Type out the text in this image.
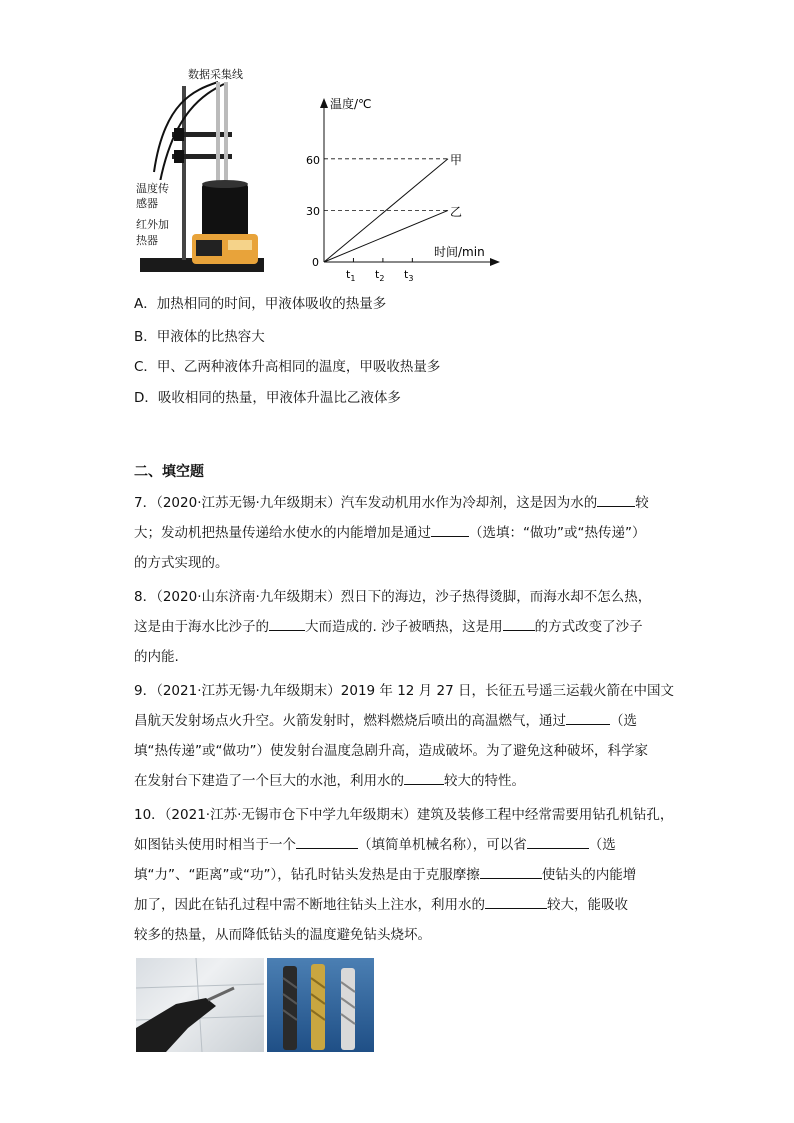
数据采集线
温度传
感器
红外加
热器
温度/℃
时间/min
0
60
30
$t_1$ $t_2$ $t_3$
甲
乙
A．加热相同的时间，甲液体吸收的热量多
B．甲液体的比热容大
C．甲、乙两种液体升高相同的温度，甲吸收热量多
D．吸收相同的热量，甲液体升温比乙液体多
二、填空题
7．（2020·江苏无锡·九年级期末）汽车发动机用水作为冷却剂，这是因为水的	较
大；发动机把热量传递给水使水的内能增加是通过	（选填：“做功”或“热传递”）
的方式实现的。
8．（2020·山东济南·九年级期末）烈日下的海边，沙子热得烫脚，而海水却不怎么热，
这是由于海水比沙子的	大而造成的. 沙子被晒热，这是用 的方式改变了沙子
的内能.
9．（2021·江苏无锡·九年级期末）2019 年 12 月 27 日，长征五号遥三运载火箭在中国文
昌航天发射场点火升空。火箭发射时，燃料燃烧后喷出的高温燃气，通过	（选
填“热传递”或“做功”）使发射台温度急剧升高，造成破坏。为了避免这种破坏，科学家
在发射台下建造了一个巨大的水池，利用水的	较大的特性。
10．（2021·江苏·无锡市仓下中学九年级期末）建筑及装修工程中经常需要用钻孔机钻孔，
如图钻头使用时相当于一个	（填简单机械名称），可以省	（选
填“力”、“距离”或“功”），钻孔时钻头发热是由于克服摩擦	使钻头的内能增
加了，因此在钻孔过程中需不断地往钻头上注水，利用水的	较大，能吸收
较多的热量，从而降低钻头的温度避免钻头烧坏。
